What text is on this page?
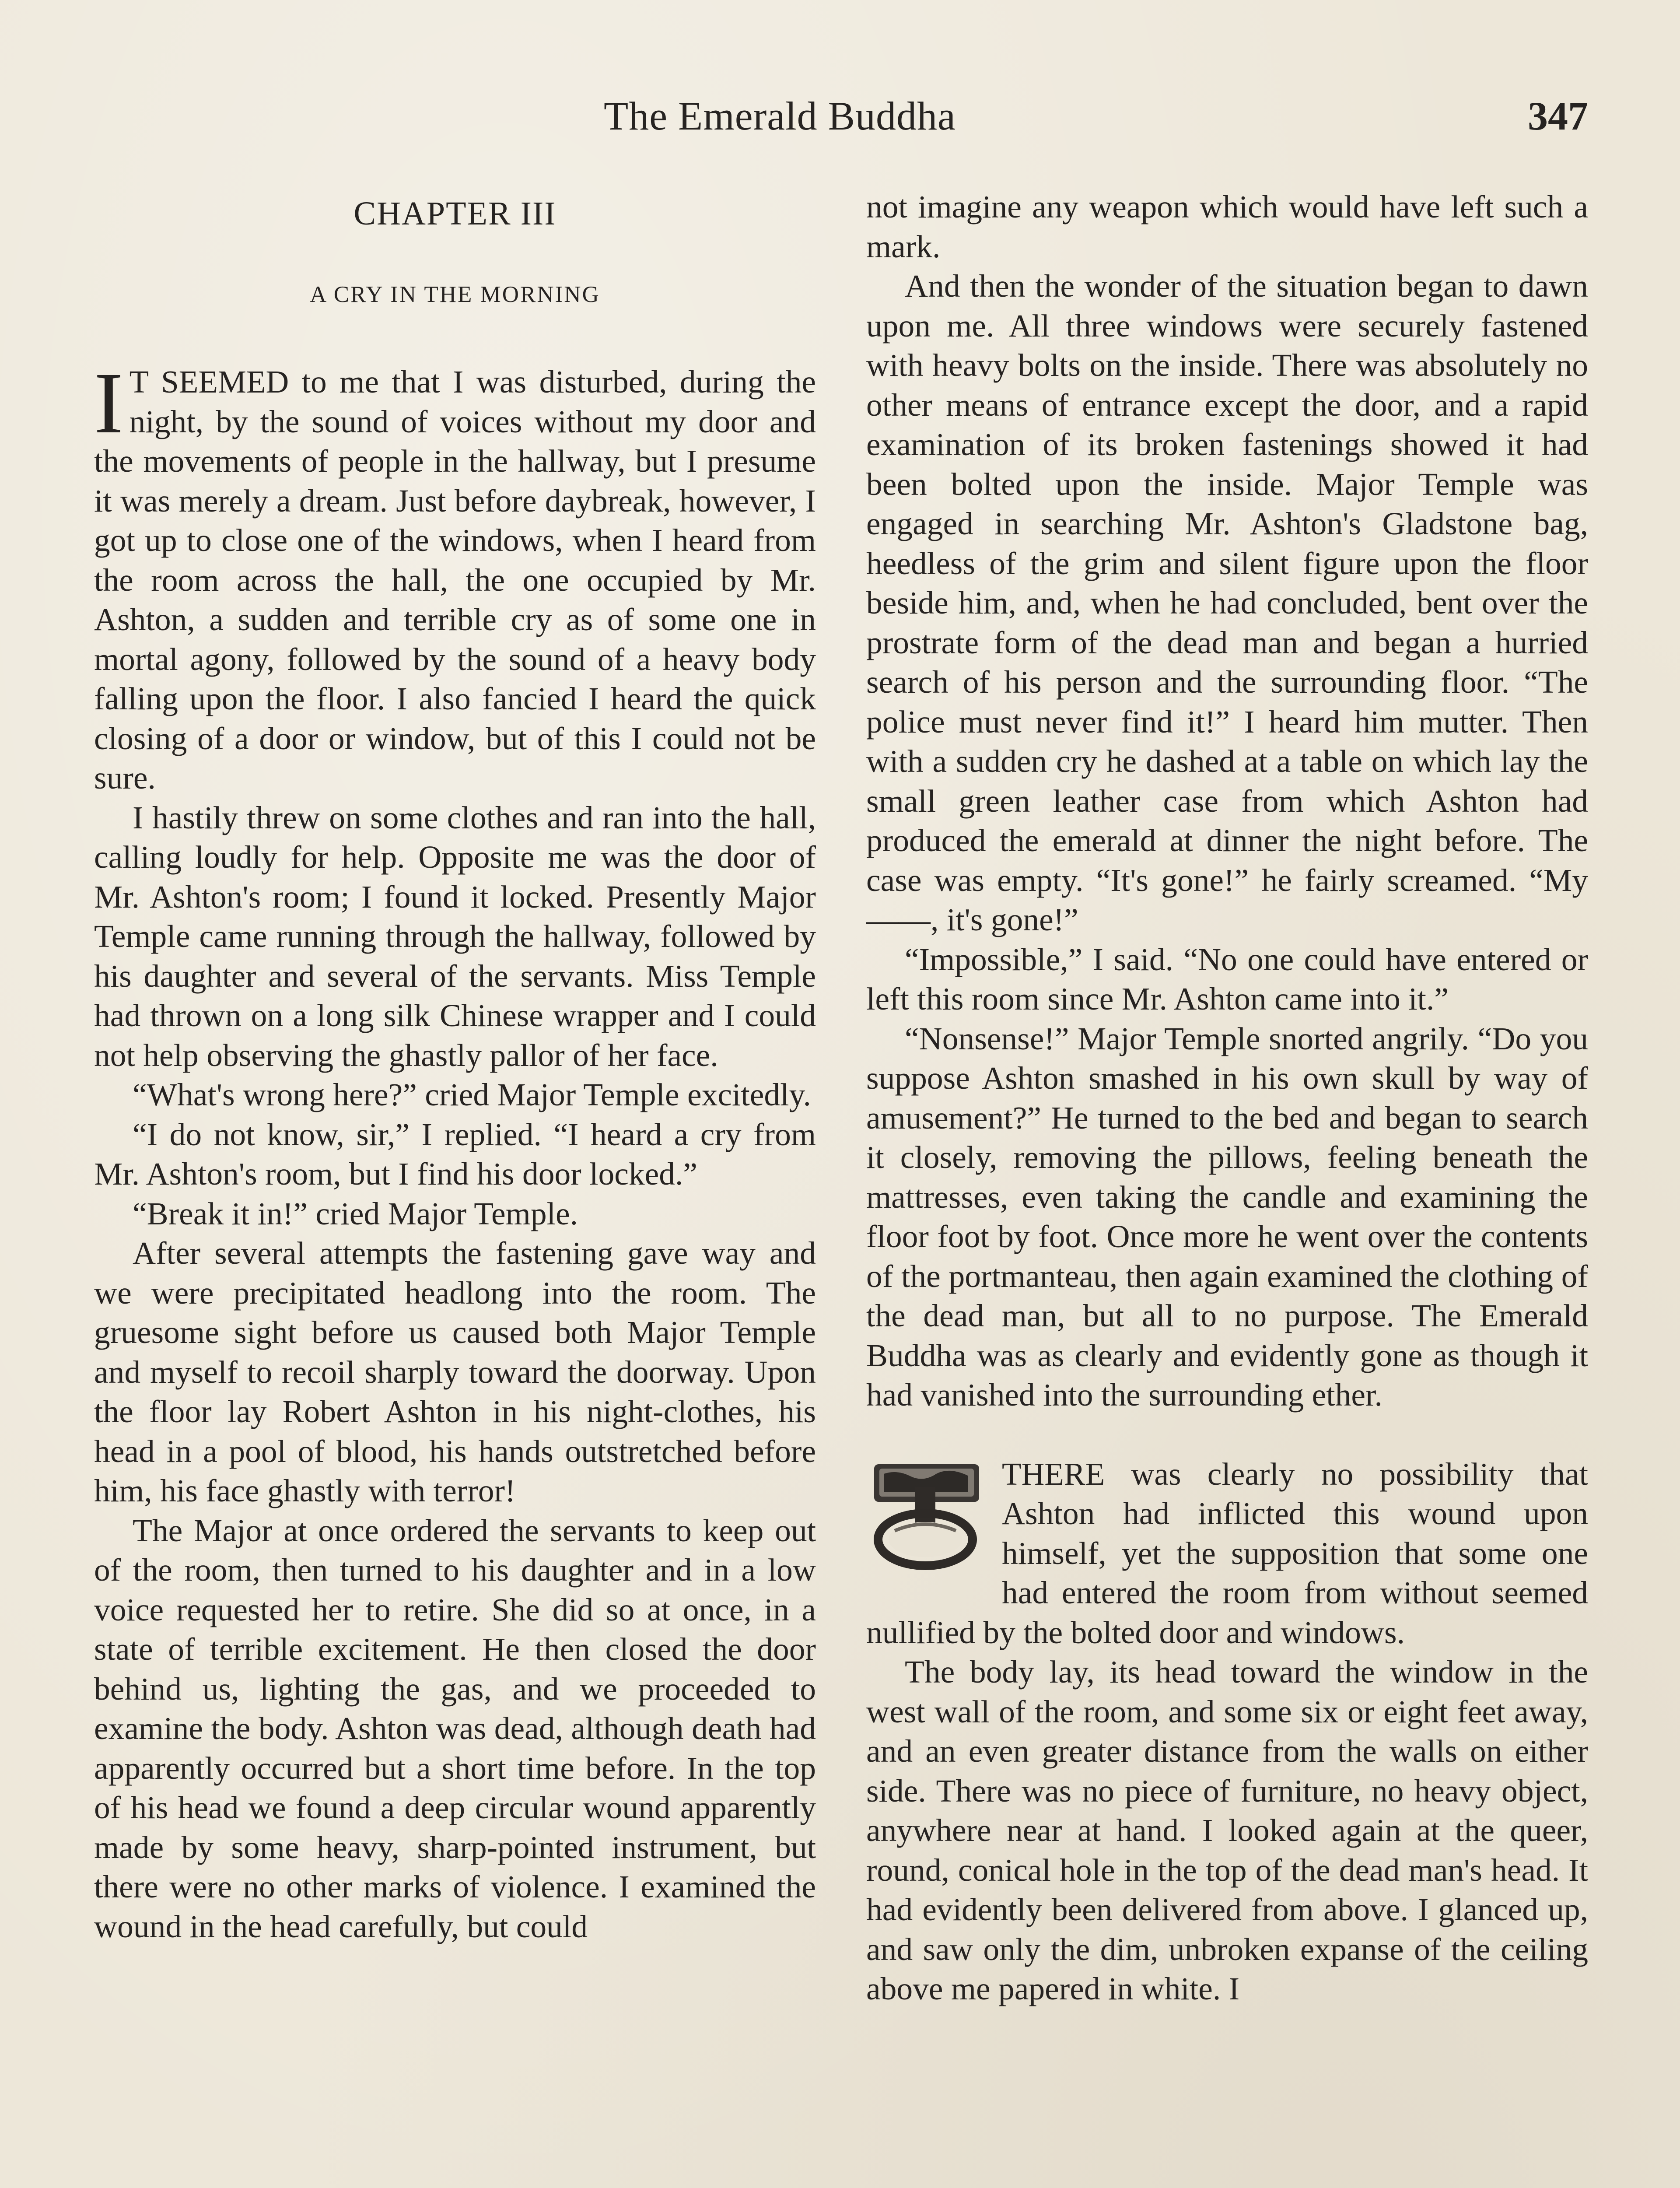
The Emerald Buddha	347
CHAPTER III
A CRY IN THE MORNING

I T SEEMED to me that I was disturbed, during the night, by the sound of voices without my door and the movements of people in the hallway, but I presume it was merely a dream. Just before daybreak, however, I got up to close one of the windows, when I heard from the room across the hall, the one occupied by Mr. Ashton, a sudden and terrible cry as of some one in mortal agony, followed by the sound of a heavy body falling upon the floor. I also fancied I heard the quick closing of a door or window, but of this I could not be sure.

I hastily threw on some clothes and ran into the hall, calling loudly for help. Opposite me was the door of Mr. Ashton's room; I found it locked. Presently Major Temple came running through the hallway, followed by his daughter and several of the servants. Miss Temple had thrown on a long silk Chinese wrapper and I could not help observing the ghastly pallor of her face.

“What's wrong here?” cried Major Temple excitedly.

“I do not know, sir,” I replied. “I heard a cry from Mr. Ashton's room, but I find his door locked.”

“Break it in!” cried Major Temple.

After several attempts the fastening gave way and we were precipitated headlong into the room. The gruesome sight before us caused both Major Temple and myself to recoil sharply toward the doorway. Upon the floor lay Robert Ashton in his night-clothes, his head in a pool of blood, his hands outstretched before him, his face ghastly with terror!

The Major at once ordered the servants to keep out of the room, then turned to his daughter and in a low voice requested her to retire. She did so at once, in a state of terrible excitement. He then closed the door behind us, lighting the gas, and we proceeded to examine the body. Ashton was dead, although death had apparently occurred but a short time before. In the top of his head we found a deep circular wound apparently made by some heavy, sharp-pointed instrument, but there were no other marks of violence. I examined the wound in the head carefully, but could

not imagine any weapon which would have left such a mark.

And then the wonder of the situation began to dawn upon me. All three windows were securely fastened with heavy bolts on the inside. There was absolutely no other means of entrance except the door, and a rapid examination of its broken fastenings showed it had been bolted upon the inside. Major Temple was engaged in searching Mr. Ashton's Gladstone bag, heedless of the grim and silent figure upon the floor beside him, and, when he had concluded, bent over the prostrate form of the dead man and began a hurried search of his person and the surrounding floor. “The police must never find it!” I heard him mutter. Then with a sudden cry he dashed at a table on which lay the small green leather case from which Ashton had produced the emerald at dinner the night before. The case was empty. “It's gone!” he fairly screamed. “My ——, it's gone!”

“Impossible,” I said. “No one could have entered or left this room since Mr. Ashton came into it.”

“Nonsense!” Major Temple snorted angrily. “Do you suppose Ashton smashed in his own skull by way of amusement?” He turned to the bed and began to search it closely, removing the pillows, feeling beneath the mattresses, even taking the candle and examining the floor foot by foot. Once more he went over the contents of the portmanteau, then again examined the clothing of the dead man, but all to no purpose. The Emerald Buddha was as clearly and evidently gone as though it had vanished into the surrounding ether.

THERE was clearly no possibility that Ashton had inflicted this wound upon himself, yet the supposition that some one had entered the room from without seemed nullified by the bolted door and windows.

The body lay, its head toward the window in the west wall of the room, and some six or eight feet away, and an even greater distance from the walls on either side. There was no piece of furniture, no heavy object, anywhere near at hand. I looked again at the queer, round, conical hole in the top of the dead man's head. It had evidently been delivered from above. I glanced up, and saw only the dim, unbroken expanse of the ceiling above me papered in white. I
